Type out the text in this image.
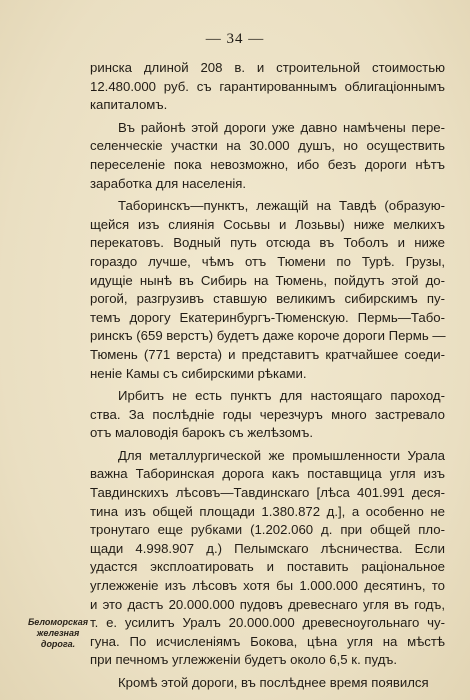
— 34 —
ринска длиной 208 в. и строительной стоимостью
12.480.000 руб. съ гарантированнымъ облигаціоннымъ
капиталомъ.
Въ районѣ этой дороги уже давно намѣчены пере-
селенческіе участки на 30.000 душъ, но осуществить
переселеніе пока невозможно, ибо безъ дороги нѣтъ
заработка для населенія.
Таборинскъ—пунктъ, лежащій на Тавдѣ (образую-
щейся изъ слиянія Сосьвы и Лозьвы) ниже мелкихъ
перекатовъ. Водный путь отсюда въ Тоболъ и ниже
гораздо лучше, чѣмъ отъ Тюмени по Турѣ. Грузы,
идущіе нынѣ въ Сибирь на Тюмень, пойдутъ этой до-
рогой, разгрузивъ ставшую великимъ сибирскимъ пу-
темъ дорогу Екатеринбургъ-Тюменскую. Пермь—Табо-
ринскъ (659 верстъ) будетъ даже короче дороги Пермь —
Тюмень (771 верста) и представитъ кратчайшее соеди-
неніе Камы съ сибирскими рѣками.
Ирбитъ не есть пунктъ для настоящаго пароход-
ства. За послѣдніе годы черезчуръ много застревало
отъ маловодія барокъ съ желѣзомъ.
Для металлургической же промышленности Урала
важна Таборинская дорога какъ поставщица угля изъ
Тавдинскихъ лѣсовъ—Тавдинскаго [лѣса 401.991 деся-
тина изъ общей площади 1.380.872 д.], а особенно не
тронутаго еще рубками (1.202.060 д. при общей пло-
щади 4.998.907 д.) Пелымскаго лѣсничества. Если
удастся эксплоатировать и поставить раціональное
углежженіе изъ лѣсовъ хотя бы 1.000.000 десятинъ, то
и это дастъ 20.000.000 пудовъ древеснаго угля въ годъ,
т. е. усилитъ Уралъ 20.000.000 древесноугольнаго чу-
гуна. По исчисленіямъ Бокова, цѣна угля на мѣстѣ
при печномъ углежженіи будетъ около 6,5 к. пудъ.
Кромѣ этой дороги, въ послѣднее время появился
Беломорская
железная дорога.
